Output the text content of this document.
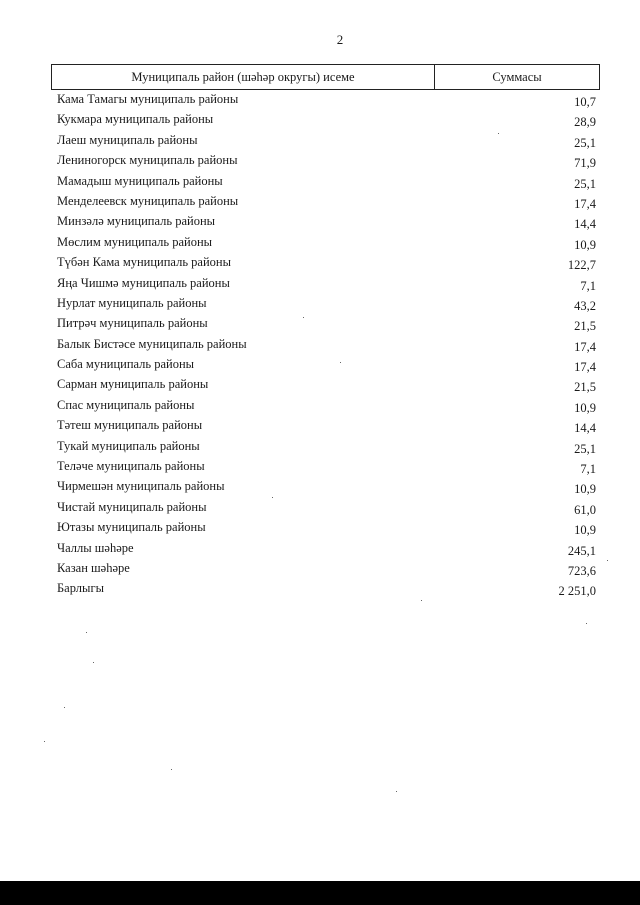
2
Муниципаль район (шәһәр округы) исеме	Суммасы
Кама Тамагы муниципаль районы	10,7
Кукмара муниципаль районы	28,9
Лаеш муниципаль районы	25,1
Лениногорск муниципаль районы	71,9
Мамадыш муниципаль районы	25,1
Менделеевск муниципаль районы	17,4
Минзәлә муниципаль районы	14,4
Мөслим муниципаль районы	10,9
Түбән Кама муниципаль районы	122,7
Яңа Чишмә муниципаль районы	7,1
Нурлат муниципаль районы	43,2
Питрәч муниципаль районы	21,5
Балык Бистәсе муниципаль районы	17,4
Саба муниципаль районы	17,4
Сарман муниципаль районы	21,5
Спас муниципаль районы	10,9
Тәтеш муниципаль районы	14,4
Тукай муниципаль районы	25,1
Теләче муниципаль районы	7,1
Чирмешән муниципаль районы	10,9
Чистай муниципаль районы	61,0
Ютазы муниципаль районы	10,9
Чаллы шәһәре	245,1
Казан шәһәре	723,6
Барлыгы	2 251,0
